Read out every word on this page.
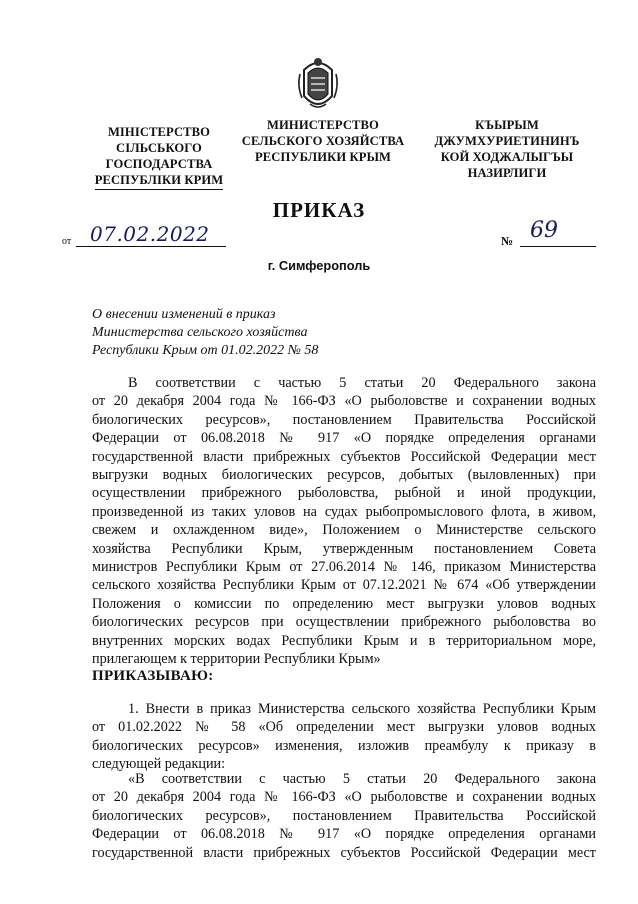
МІНІСТЕРСТВО
СІЛЬСЬКОГО
ГОСПОДАРСТВА
РЕСПУБЛІКИ КРИМ
МИНИСТЕРСТВО
СЕЛЬСКОГО ХОЗЯЙСТВА
РЕСПУБЛИКИ КРЫМ
КЪЫРЫМ
ДЖУМХУРИЕТИНИНЪ
КОЙ ХОДЖАЛЫГЪЫ
НАЗИРЛИГИ
ПРИКАЗ
от 07.02.2022	№ 69
г. Симферополь
О внесении изменений в приказ
Министерства сельского хозяйства
Республики Крым от 01.02.2022 № 58
В соответствии с частью 5 статьи 20 Федерального закона
от 20 декабря 2004 года № 166-ФЗ «О рыболовстве и сохранении водных
биологических ресурсов», постановлением Правительства Российской
Федерации от 06.08.2018 № 917 «О порядке определения органами
государственной власти прибрежных субъектов Российской Федерации мест
выгрузки водных биологических ресурсов, добытых (выловленных) при
осуществлении прибрежного рыболовства, рыбной и иной продукции,
произведенной из таких уловов на судах рыбопромыслового флота, в живом,
свежем и охлажденном виде», Положением о Министерстве сельского
хозяйства Республики Крым, утвержденным постановлением Совета
министров Республики Крым от 27.06.2014 № 146, приказом Министерства
сельского хозяйства Республики Крым от 07.12.2021 № 674 «Об утверждении
Положения о комиссии по определению мест выгрузки уловов водных
биологических ресурсов при осуществлении прибрежного рыболовства во
внутренних морских водах Республики Крым и в территориальном море,
прилегающем к территории Республики Крым»
ПРИКАЗЫВАЮ:
1. Внести в приказ Министерства сельского хозяйства Республики Крым
от 01.02.2022 № 58 «Об определении мест выгрузки уловов водных
биологических ресурсов» изменения, изложив преамбулу к приказу в
следующей редакции:
«В соответствии с частью 5 статьи 20 Федерального закона
от 20 декабря 2004 года № 166-ФЗ «О рыболовстве и сохранении водных
биологических ресурсов», постановлением Правительства Российской
Федерации от 06.08.2018 № 917 «О порядке определения органами
государственной власти прибрежных субъектов Российской Федерации мест
